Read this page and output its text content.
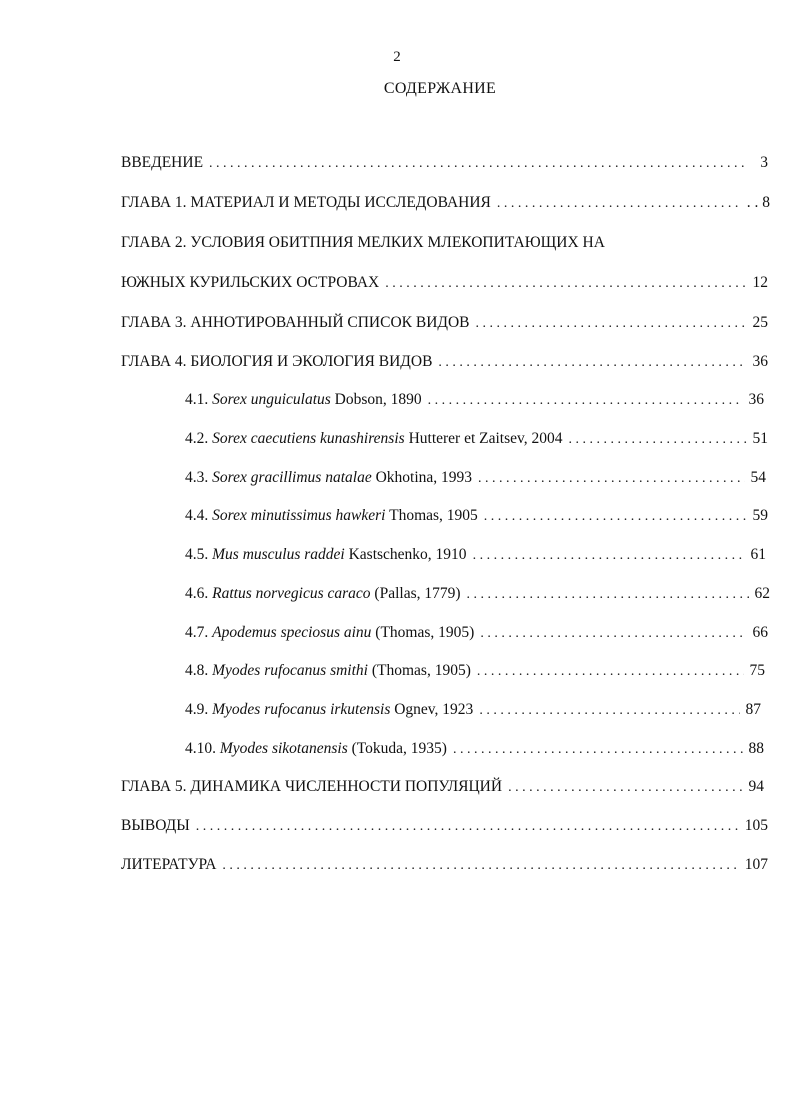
2
СОДЕРЖАНИЕ
ВВЕДЕНИЕ . . .	3
ГЛАВА 1. МАТЕРИАЛ И МЕТОДЫ ИССЛЕДОВАНИЯ . . .	. . 8
ГЛАВА 2. УСЛОВИЯ ОБИТПНИЯ МЕЛКИХ МЛЕКОПИТАЮЩИХ НА
ЮЖНЫХ КУРИЛЬСКИХ ОСТРОВАХ . . .	12
ГЛАВА 3. АННОТИРОВАННЫЙ СПИСОК ВИДОВ . . .	25
ГЛАВА 4. БИОЛОГИЯ И ЭКОЛОГИЯ ВИДОВ . . .	36
4.1. Sorex unguiculatus Dobson, 1890 . . .	36
4.2. Sorex caecutiens kunashirensis Hutterer et Zaitsev, 2004 . . .	51
4.3. Sorex gracillimus natalae Okhotina, 1993 . . .	54
4.4. Sorex minutissimus hawkeri Thomas, 1905 . . .	59
4.5. Mus musculus raddei Kastschenko, 1910 . . .	61
4.6. Rattus norvegicus caraco (Pallas, 1779) . . .	62
4.7. Apodemus speciosus ainu (Thomas, 1905) . . .	66
4.8. Myodes rufocanus smithi (Thomas, 1905) . . .	75
4.9. Myodes rufocanus irkutensis Ognev, 1923 . . .	87
4.10. Myodes sikotanensis (Tokuda, 1935) . . .	88
ГЛАВА 5. ДИНАМИКА ЧИСЛЕННОСТИ ПОПУЛЯЦИЙ . . .	94
ВЫВОДЫ . . .	105
ЛИТЕРАТУРА . . .	107
